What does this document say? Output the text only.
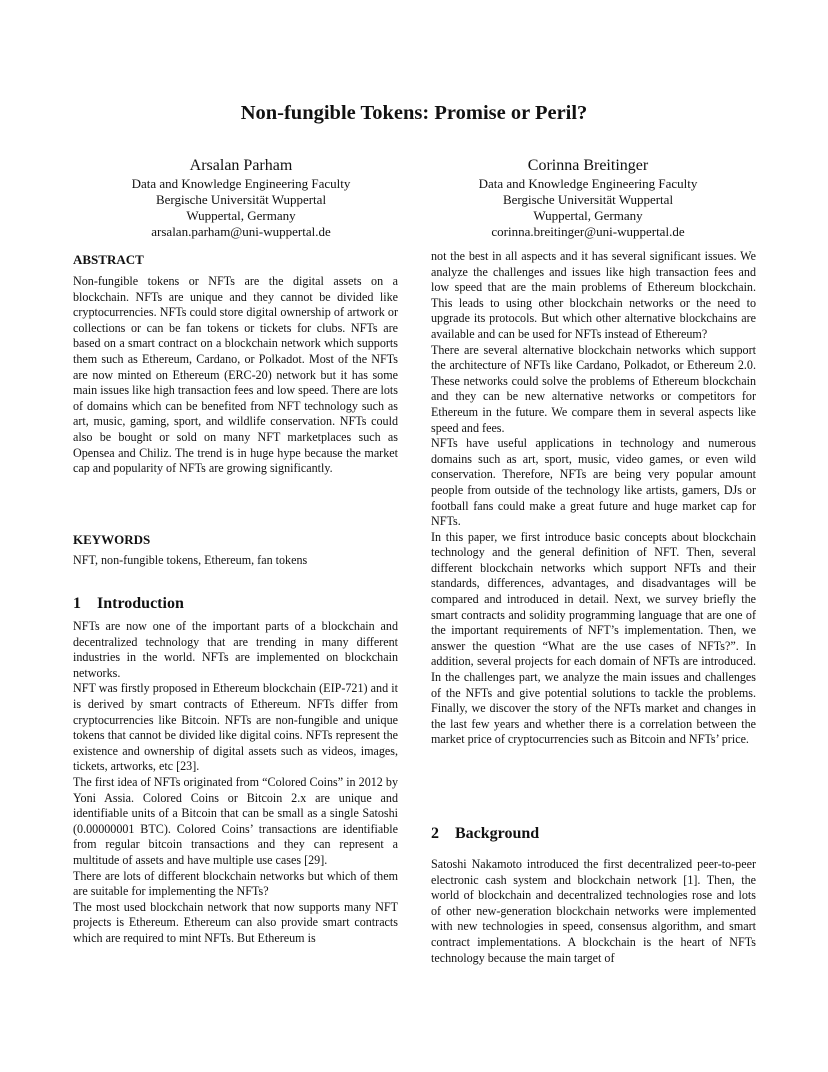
Non-fungible Tokens: Promise or Peril?
Arsalan Parham
Data and Knowledge Engineering Faculty
Bergische Universität Wuppertal
Wuppertal, Germany
arsalan.parham@uni-wuppertal.de
Corinna Breitinger
Data and Knowledge Engineering Faculty
Bergische Universität Wuppertal
Wuppertal, Germany
corinna.breitinger@uni-wuppertal.de
ABSTRACT

Non-fungible tokens or NFTs are the digital assets on a blockchain. NFTs are unique and they cannot be divided like cryptocurrencies. NFTs could store digital ownership of artwork or collections or can be fan tokens or tickets for clubs. NFTs are based on a smart contract on a blockchain network which supports them such as Ethereum, Cardano, or Polkadot. Most of the NFTs are now minted on Ethereum (ERC-20) network but it has some main issues like high transaction fees and low speed. There are lots of domains which can be benefited from NFT technology such as art, music, gaming, sport, and wildlife conservation. NFTs could also be bought or sold on many NFT marketplaces such as Opensea and Chiliz. The trend is in huge hype because the market cap and popularity of NFTs are growing significantly.

KEYWORDS

NFT, non-fungible tokens, Ethereum, fan tokens

1 Introduction

NFTs are now one of the important parts of a blockchain and decentralized technology that are trending in many different industries in the world. NFTs are implemented on blockchain networks.

NFT was firstly proposed in Ethereum blockchain (EIP-721) and it is derived by smart contracts of Ethereum. NFTs differ from cryptocurrencies like Bitcoin. NFTs are non-fungible and unique tokens that cannot be divided like digital coins. NFTs represent the existence and ownership of digital assets such as videos, images, tickets, artworks, etc [23].

The first idea of NFTs originated from “Colored Coins” in 2012 by Yoni Assia. Colored Coins or Bitcoin 2.x are unique and identifiable units of a Bitcoin that can be small as a single Satoshi (0.00000001 BTC). Colored Coins’ transactions are identifiable from regular bitcoin transactions and they can represent a multitude of assets and have multiple use cases [29].

There are lots of different blockchain networks but which of them are suitable for implementing the NFTs?

The most used blockchain network that now supports many NFT projects is Ethereum. Ethereum can also provide smart contracts which are required to mint NFTs. But Ethereum is

not the best in all aspects and it has several significant issues. We analyze the challenges and issues like high transaction fees and low speed that are the main problems of Ethereum blockchain. This leads to using other blockchain networks or the need to upgrade its protocols. But which other alternative blockchains are available and can be used for NFTs instead of Ethereum?

There are several alternative blockchain networks which support the architecture of NFTs like Cardano, Polkadot, or Ethereum 2.0. These networks could solve the problems of Ethereum blockchain and they can be new alternative networks or competitors for Ethereum in the future. We compare them in several aspects like speed and fees.

NFTs have useful applications in technology and numerous domains such as art, sport, music, video games, or even wild conservation. Therefore, NFTs are being very popular amount people from outside of the technology like artists, gamers, DJs or football fans could make a great future and huge market cap for NFTs.

In this paper, we first introduce basic concepts about blockchain technology and the general definition of NFT. Then, several different blockchain networks which support NFTs and their standards, differences, advantages, and disadvantages will be compared and introduced in detail. Next, we survey briefly the smart contracts and solidity programming language that are one of the important requirements of NFT’s implementation. Then, we answer the question “What are the use cases of NFTs?”. In addition, several projects for each domain of NFTs are introduced. In the challenges part, we analyze the main issues and challenges of the NFTs and give potential solutions to tackle the problems. Finally, we discover the story of the NFTs market and changes in the last few years and whether there is a correlation between the market price of cryptocurrencies such as Bitcoin and NFTs’ price.

2 Background

Satoshi Nakamoto introduced the first decentralized peer-to-peer electronic cash system and blockchain network [1]. Then, the world of blockchain and decentralized technologies rose and lots of other new-generation blockchain networks were implemented with new technologies in speed, consensus algorithm, and smart contract implementations. A blockchain is the heart of NFTs technology because the main target of
